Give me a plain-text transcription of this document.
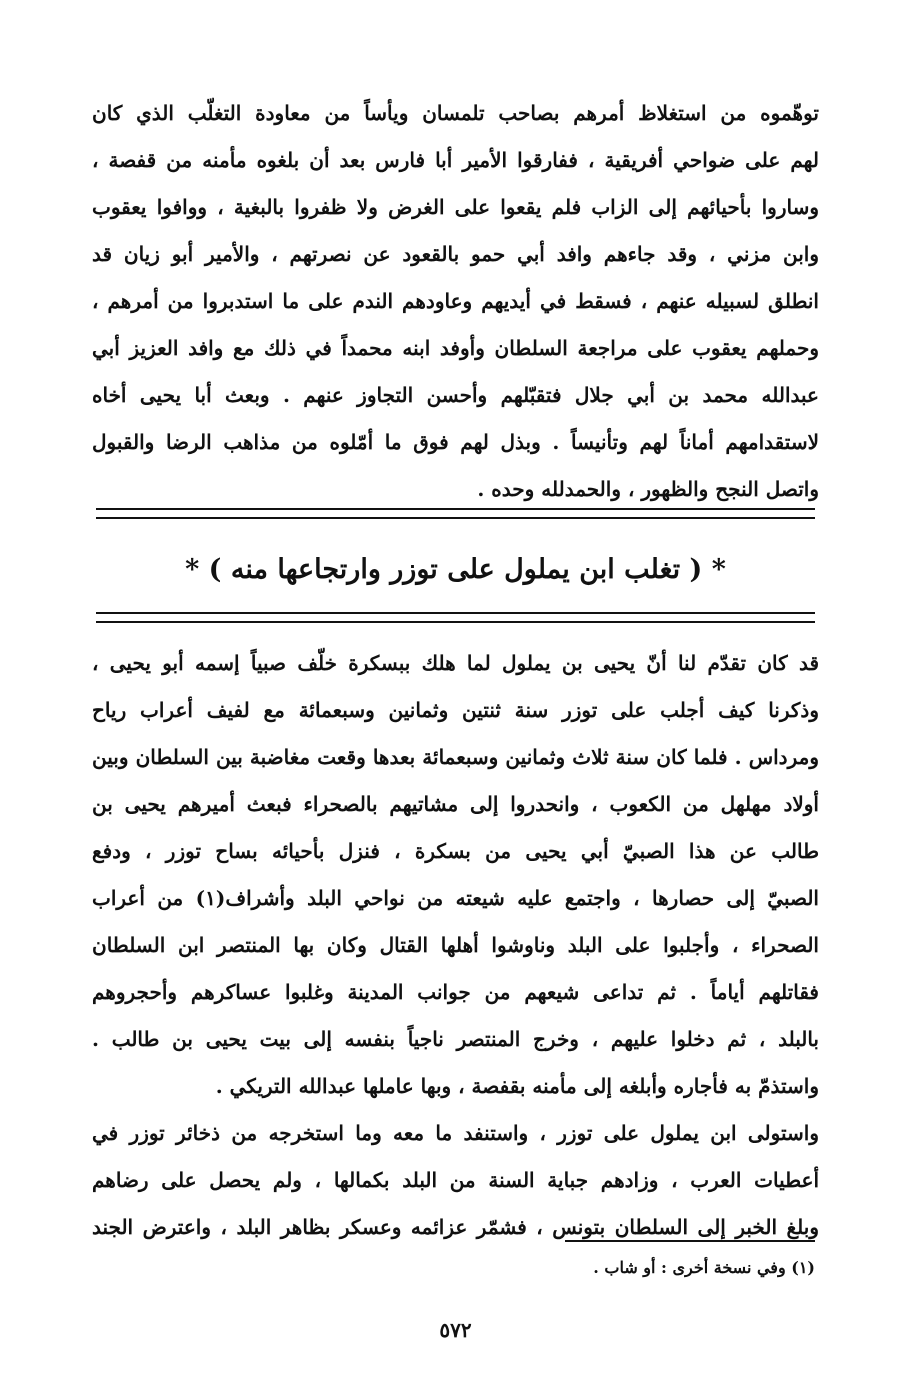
توهّموه من استغلاظ أمرهم بصاحب تلمسان ويأساً من معاودة التغلّب الذي كان
لهم على ضواحي أفريقية ، ففارقوا الأمير أبا فارس بعد أن بلغوه مأمنه من قفصة ،
وساروا بأحيائهم إلى الزاب فلم يقعوا على الغرض ولا ظفروا بالبغية ، ووافوا يعقوب
وابن مزني ، وقد جاءهم وافد أبي حمو بالقعود عن نصرتهم ، والأمير أبو زيان قد
انطلق لسبيله عنهم ، فسقط في أيديهم وعاودهم الندم على ما استدبروا من أمرهم ،
وحملهم يعقوب على مراجعة السلطان وأوفد ابنه محمداً في ذلك مع وافد العزيز أبي
عبدالله محمد بن أبي جلال فتقبّلهم وأحسن التجاوز عنهم . وبعث أبا يحيى أخاه
لاستقدامهم أماناً لهم وتأنيساً . وبذل لهم فوق ما أمّلوه من مذاهب الرضا والقبول
واتصل النجح والظهور ، والحمدلله وحده .
* ( تغلب ابن يملول على توزر وارتجاعها منه ) *
قد كان تقدّم لنا أنّ يحيى بن يملول لما هلك ببسكرة خلّف صبياً إسمه أبو يحيى ،
وذكرنا كيف أجلب على توزر سنة ثنتين وثمانين وسبعمائة مع لفيف أعراب رياح
ومرداس . فلما كان سنة ثلاث وثمانين وسبعمائة بعدها وقعت مغاضبة بين السلطان وبين
أولاد مهلهل من الكعوب ، وانحدروا إلى مشاتيهم بالصحراء فبعث أميرهم يحيى بن
طالب عن هذا الصبيّ أبي يحيى من بسكرة ، فنزل بأحيائه بساح توزر ، ودفع
الصبيّ إلى حصارها ، واجتمع عليه شيعته من نواحي البلد وأشراف(١) من أعراب
الصحراء ، وأجلبوا على البلد وناوشوا أهلها القتال وكان بها المنتصر ابن السلطان
فقاتلهم أياماً . ثم تداعى شيعهم من جوانب المدينة وغلبوا عساكرهم وأحجروهم
بالبلد ، ثم دخلوا عليهم ، وخرج المنتصر ناجياً بنفسه إلى بيت يحيى بن طالب .
واستذمّ به فأجاره وأبلغه إلى مأمنه بقفصة ، وبها عاملها عبدالله التريكي .
واستولى ابن يملول على توزر ، واستنفد ما معه وما استخرجه من ذخائر توزر في
أعطيات العرب ، وزادهم جباية السنة من البلد بكمالها ، ولم يحصل على رضاهم
وبلغ الخبر إلى السلطان بتونس ، فشمّر عزائمه وعسكر بظاهر البلد ، واعترض الجند
(١) وفي نسخة أخرى : أو شاب .
٥٧٢
